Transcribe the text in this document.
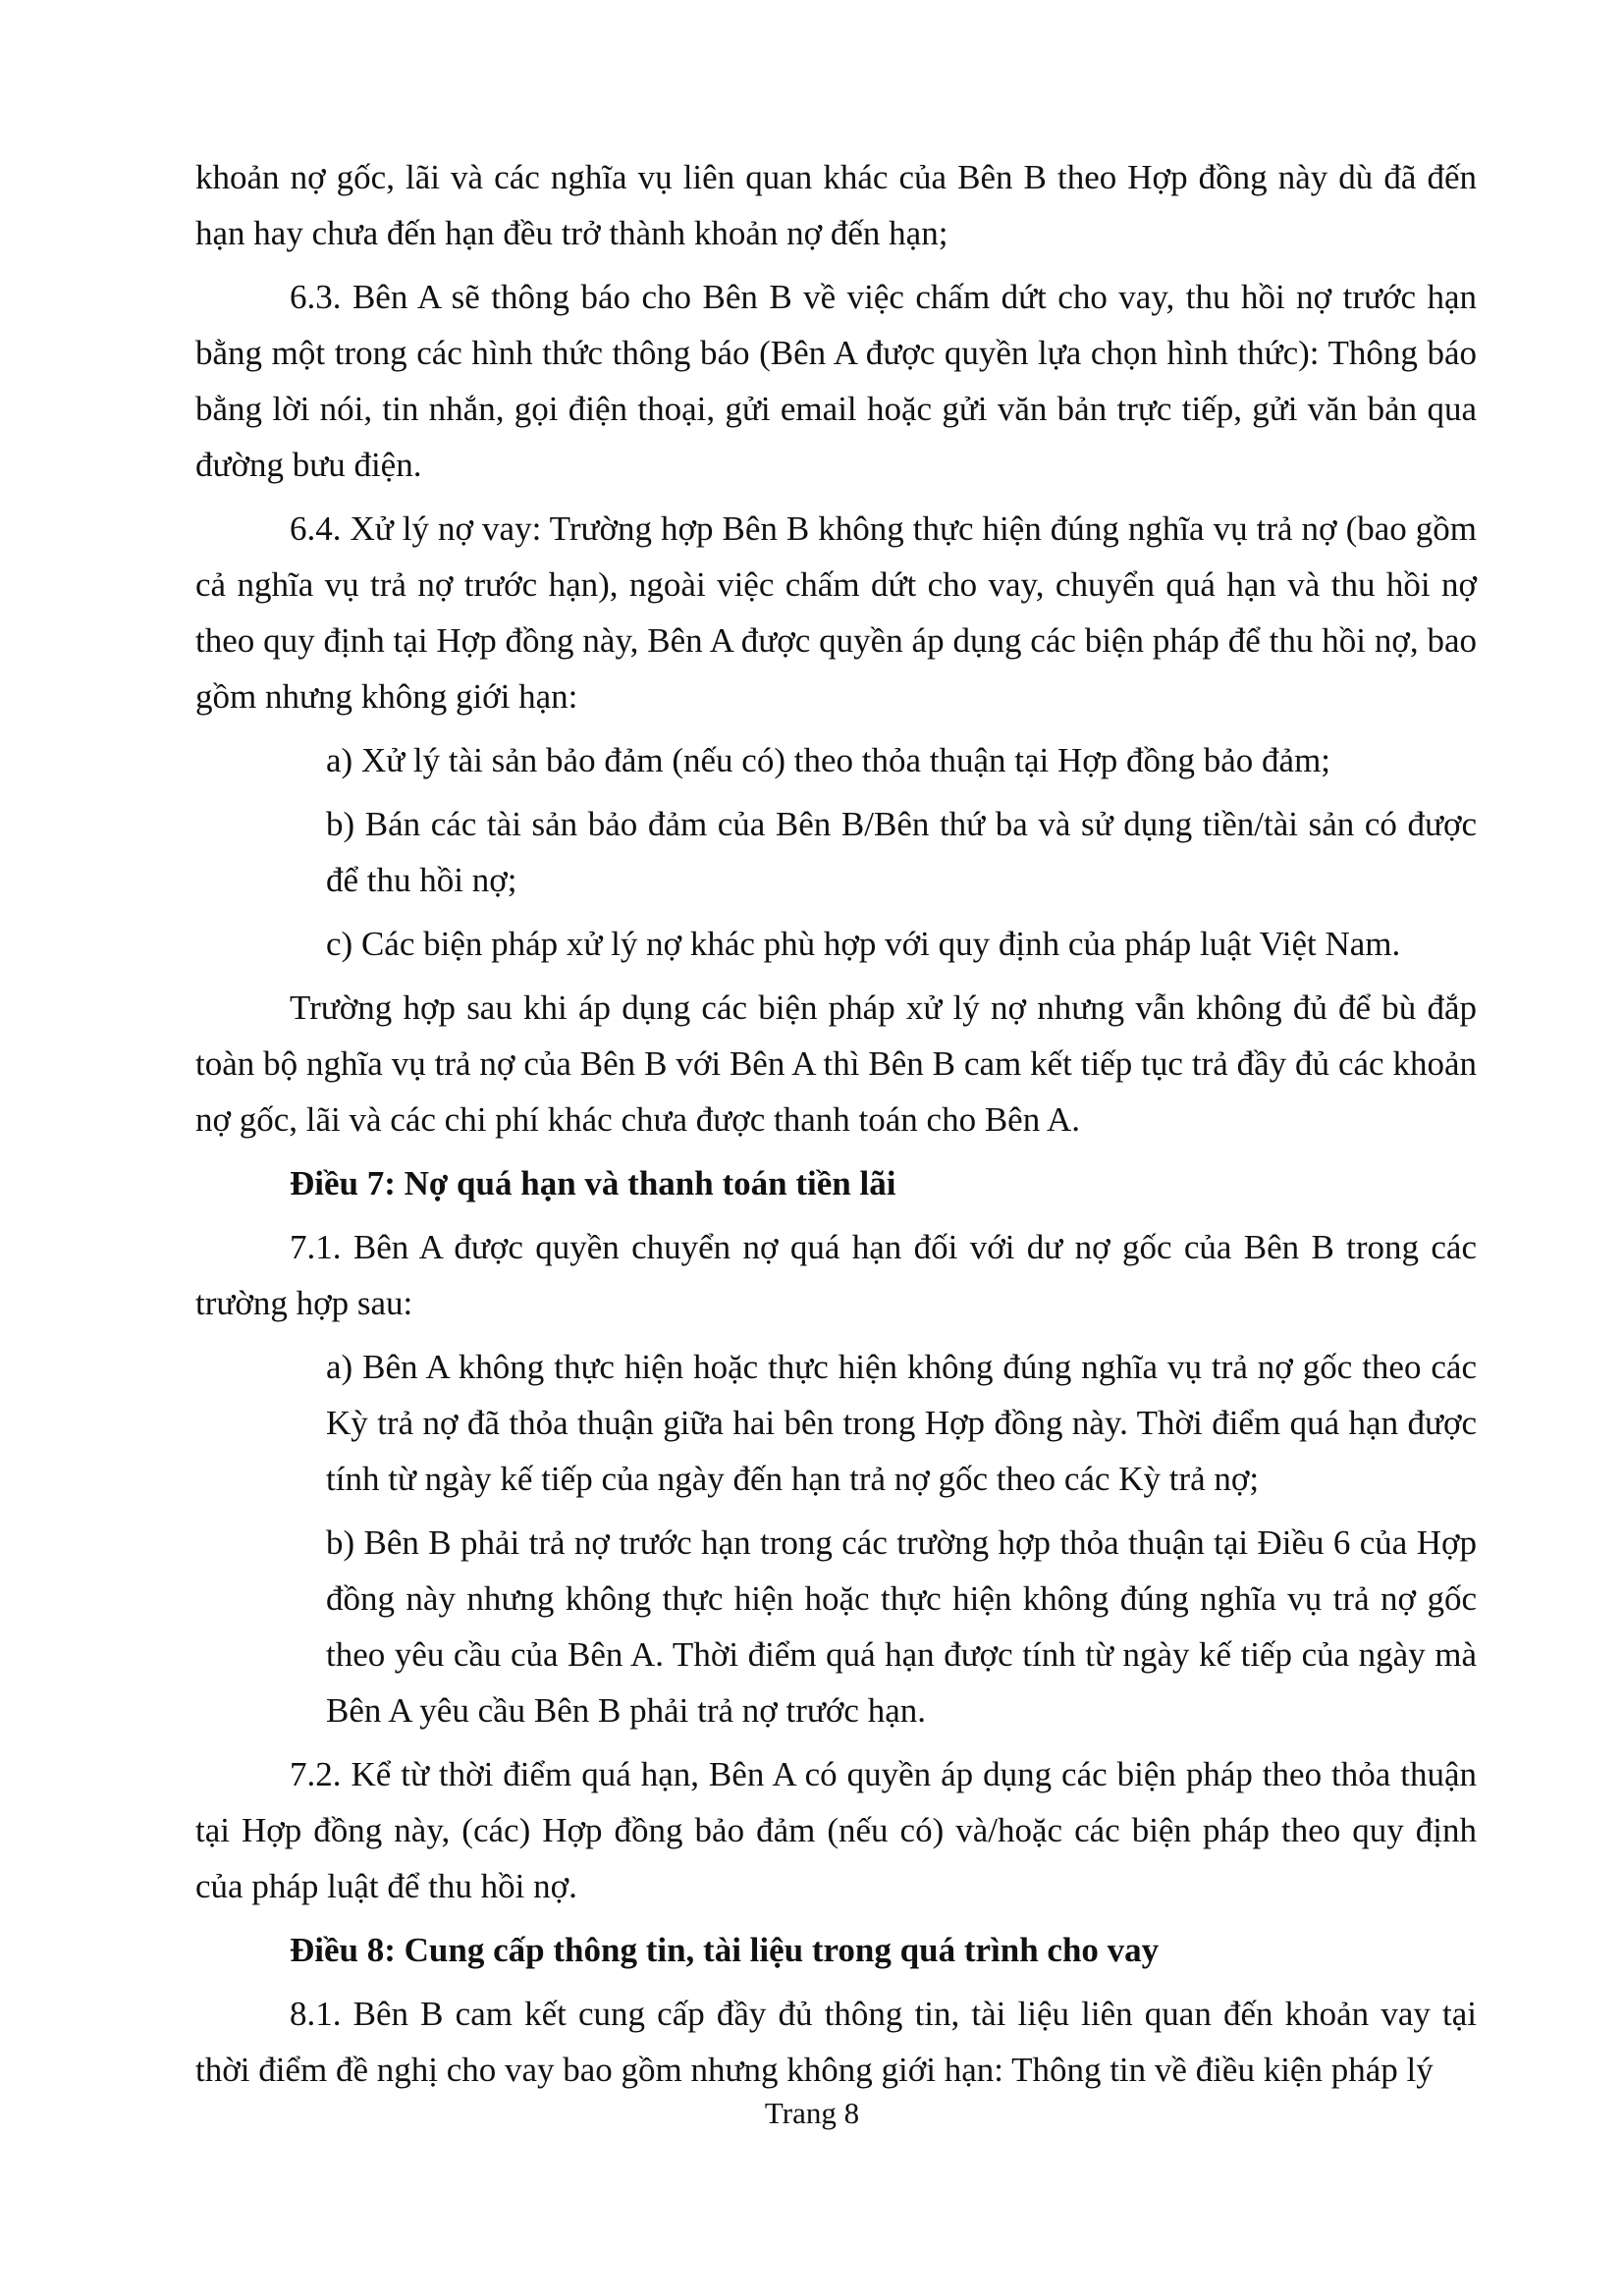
khoản nợ gốc, lãi và các nghĩa vụ liên quan khác của Bên B theo Hợp đồng này dù đã đến hạn hay chưa đến hạn đều trở thành khoản nợ đến hạn;

6.3. Bên A sẽ thông báo cho Bên B về việc chấm dứt cho vay, thu hồi nợ trước hạn bằng một trong các hình thức thông báo (Bên A được quyền lựa chọn hình thức): Thông báo bằng lời nói, tin nhắn, gọi điện thoại, gửi email hoặc gửi văn bản trực tiếp, gửi văn bản qua đường bưu điện.

6.4. Xử lý nợ vay: Trường hợp Bên B không thực hiện đúng nghĩa vụ trả nợ (bao gồm cả nghĩa vụ trả nợ trước hạn), ngoài việc chấm dứt cho vay, chuyển quá hạn và thu hồi nợ theo quy định tại Hợp đồng này, Bên A được quyền áp dụng các biện pháp để thu hồi nợ, bao gồm nhưng không giới hạn:

a) Xử lý tài sản bảo đảm (nếu có) theo thỏa thuận tại Hợp đồng bảo đảm;

b) Bán các tài sản bảo đảm của Bên B/Bên thứ ba và sử dụng tiền/tài sản có được để thu hồi nợ;

c) Các biện pháp xử lý nợ khác phù hợp với quy định của pháp luật Việt Nam.

Trường hợp sau khi áp dụng các biện pháp xử lý nợ nhưng vẫn không đủ để bù đắp toàn bộ nghĩa vụ trả nợ của Bên B với Bên A thì Bên B cam kết tiếp tục trả đầy đủ các khoản nợ gốc, lãi và các chi phí khác chưa được thanh toán cho Bên A.

Điều 7: Nợ quá hạn và thanh toán tiền lãi

7.1. Bên A được quyền chuyển nợ quá hạn đối với dư nợ gốc của Bên B trong các trường hợp sau:

a) Bên A không thực hiện hoặc thực hiện không đúng nghĩa vụ trả nợ gốc theo các Kỳ trả nợ đã thỏa thuận giữa hai bên trong Hợp đồng này. Thời điểm quá hạn được tính từ ngày kế tiếp của ngày đến hạn trả nợ gốc theo các Kỳ trả nợ;

b) Bên B phải trả nợ trước hạn trong các trường hợp thỏa thuận tại Điều 6 của Hợp đồng này nhưng không thực hiện hoặc thực hiện không đúng nghĩa vụ trả nợ gốc theo yêu cầu của Bên A. Thời điểm quá hạn được tính từ ngày kế tiếp của ngày mà Bên A yêu cầu Bên B phải trả nợ trước hạn.

7.2. Kể từ thời điểm quá hạn, Bên A có quyền áp dụng các biện pháp theo thỏa thuận tại Hợp đồng này, (các) Hợp đồng bảo đảm (nếu có) và/hoặc các biện pháp theo quy định của pháp luật để thu hồi nợ.

Điều 8: Cung cấp thông tin, tài liệu trong quá trình cho vay

8.1. Bên B cam kết cung cấp đầy đủ thông tin, tài liệu liên quan đến khoản vay tại thời điểm đề nghị cho vay bao gồm nhưng không giới hạn: Thông tin về điều kiện pháp lý

Trang 8
